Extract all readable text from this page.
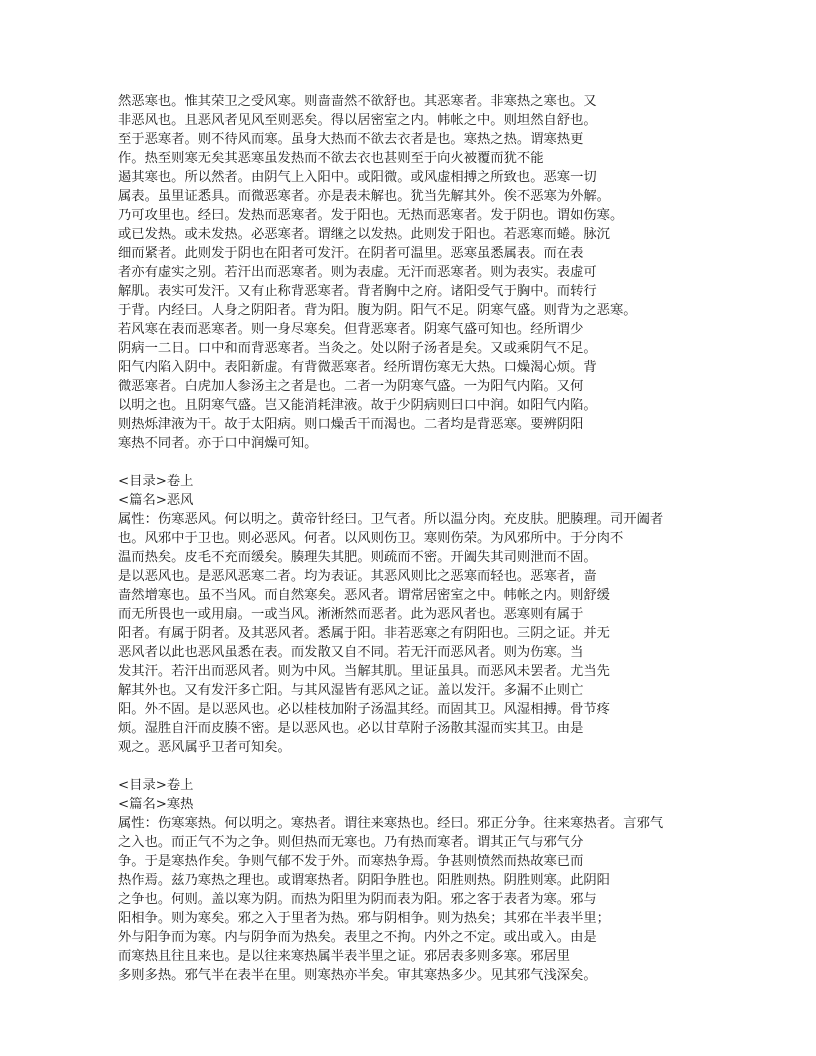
然恶寒也。惟其荣卫之受风寒。则啬啬然不欲舒也。其恶寒者。非寒热之寒也。又
非恶风也。且恶风者见风至则恶矣。得以居密室之内。帏帐之中。则坦然自舒也。
至于恶寒者。则不待风而寒。虽身大热而不欲去衣者是也。寒热之热。谓寒热更
作。热至则寒无矣其恶寒虽发热而不欲去衣也甚则至于向火被覆而犹不能
遏其寒也。所以然者。由阴气上入阳中。或阳微。或风虚相搏之所致也。恶寒一切
属表。虽里证悉具。而微恶寒者。亦是表未解也。犹当先解其外。俟不恶寒为外解。
乃可攻里也。经曰。发热而恶寒者。发于阳也。无热而恶寒者。发于阴也。谓如伤寒。
或已发热。或未发热。必恶寒者。谓继之以发热。此则发于阳也。若恶寒而蜷。脉沉
细而紧者。此则发于阴也在阳者可发汗。在阴者可温里。恶寒虽悉属表。而在表
者亦有虚实之别。若汗出而恶寒者。则为表虚。无汗而恶寒者。则为表实。表虚可
解肌。表实可发汗。又有止称背恶寒者。背者胸中之府。诸阳受气于胸中。而转行
于背。内经曰。人身之阴阳者。背为阳。腹为阴。阳气不足。阴寒气盛。则背为之恶寒。
若风寒在表而恶寒者。则一身尽寒矣。但背恶寒者。阴寒气盛可知也。经所谓少
阴病一二日。口中和而背恶寒者。当灸之。处以附子汤者是矣。又或乘阴气不足。
阳气内陷入阴中。表阳新虚。有背微恶寒者。经所谓伤寒无大热。口燥渴心烦。背
微恶寒者。白虎加人参汤主之者是也。二者一为阴寒气盛。一为阳气内陷。又何
以明之也。且阴寒气盛。岂又能消耗津液。故于少阴病则曰口中润。如阳气内陷。
则热烁津液为干。故于太阳病。则口燥舌干而渴也。二者均是背恶寒。要辨阴阳
寒热不同者。亦于口中润燥可知。
<目录>卷上
<篇名>恶风
属性：伤寒恶风。何以明之。黄帝针经曰。卫气者。所以温分肉。充皮肤。肥腠理。司开阖者
也。风邪中于卫也。则必恶风。何者。以风则伤卫。寒则伤荣。为风邪所中。于分肉不
温而热矣。皮毛不充而缓矣。腠理失其肥。则疏而不密。开阖失其司则泄而不固。
是以恶风也。是恶风恶寒二者。均为表证。其恶风则比之恶寒而轻也。恶寒者，啬
啬然增寒也。虽不当风。而自然寒矣。恶风者。谓常居密室之中。帏帐之内。则舒缓
而无所畏也一或用扇。一或当风。淅淅然而恶者。此为恶风者也。恶寒则有属于
阳者。有属于阴者。及其恶风者。悉属于阳。非若恶寒之有阴阳也。三阴之证。并无
恶风者以此也恶风虽悉在表。而发散又自不同。若无汗而恶风者。则为伤寒。当
发其汗。若汗出而恶风者。则为中风。当解其肌。里证虽具。而恶风未罢者。尤当先
解其外也。又有发汗多亡阳。与其风湿皆有恶风之证。盖以发汗。多漏不止则亡
阳。外不固。是以恶风也。必以桂枝加附子汤温其经。而固其卫。风湿相搏。骨节疼
烦。湿胜自汗而皮腠不密。是以恶风也。必以甘草附子汤散其湿而实其卫。由是
观之。恶风属乎卫者可知矣。
<目录>卷上
<篇名>寒热
属性：伤寒寒热。何以明之。寒热者。谓往来寒热也。经曰。邪正分争。往来寒热者。言邪气
之入也。而正气不为之争。则但热而无寒也。乃有热而寒者。谓其正气与邪气分
争。于是寒热作矣。争则气郁不发于外。而寒热争焉。争甚则愤然而热故寒已而
热作焉。兹乃寒热之理也。或谓寒热者。阴阳争胜也。阳胜则热。阴胜则寒。此阴阳
之争也。何则。盖以寒为阴。而热为阳里为阴而表为阳。邪之客于表者为寒。邪与
阳相争。则为寒矣。邪之入于里者为热。邪与阴相争。则为热矣；其邪在半表半里；
外与阳争而为寒。内与阴争而为热矣。表里之不拘。内外之不定。或出或入。由是
而寒热且往且来也。是以往来寒热属半表半里之证。邪居表多则多寒。邪居里
多则多热。邪气半在表半在里。则寒热亦半矣。审其寒热多少。见其邪气浅深矣。
